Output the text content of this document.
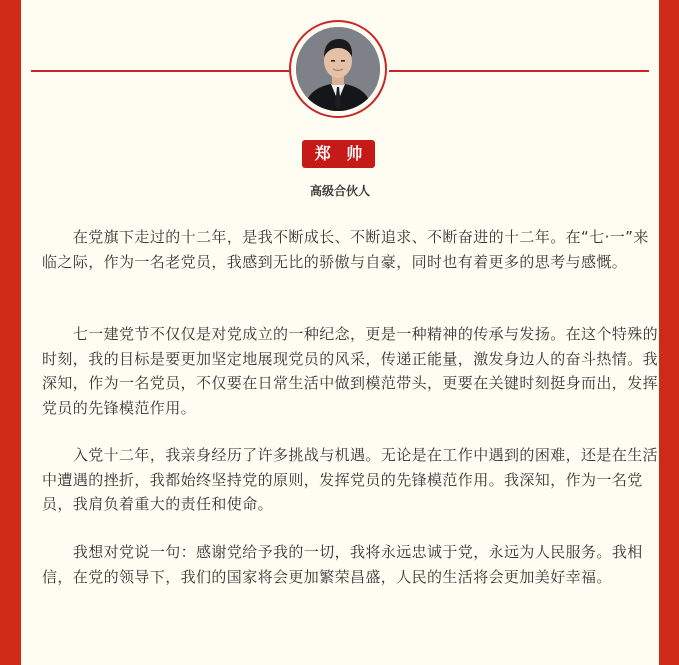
郑 帅
高级合伙人

　　在党旗下走过的十二年，是我不断成长、不断追求、不断奋进的十二年。在“七·一”来临之际，作为一名老党员，我感到无比的骄傲与自豪，同时也有着更多的思考与感慨。

　　七一建党节不仅仅是对党成立的一种纪念，更是一种精神的传承与发扬。在这个特殊的时刻，我的目标是要更加坚定地展现党员的风采，传递正能量，激发身边人的奋斗热情。我深知，作为一名党员，不仅要在日常生活中做到模范带头，更要在关键时刻挺身而出，发挥党员的先锋模范作用。

　　入党十二年，我亲身经历了许多挑战与机遇。无论是在工作中遇到的困难，还是在生活中遭遇的挫折，我都始终坚持党的原则，发挥党员的先锋模范作用。我深知，作为一名党员，我肩负着重大的责任和使命。

　　我想对党说一句：感谢党给予我的一切，我将永远忠诚于党，永远为人民服务。我相信，在党的领导下，我们的国家将会更加繁荣昌盛，人民的生活将会更加美好幸福。
